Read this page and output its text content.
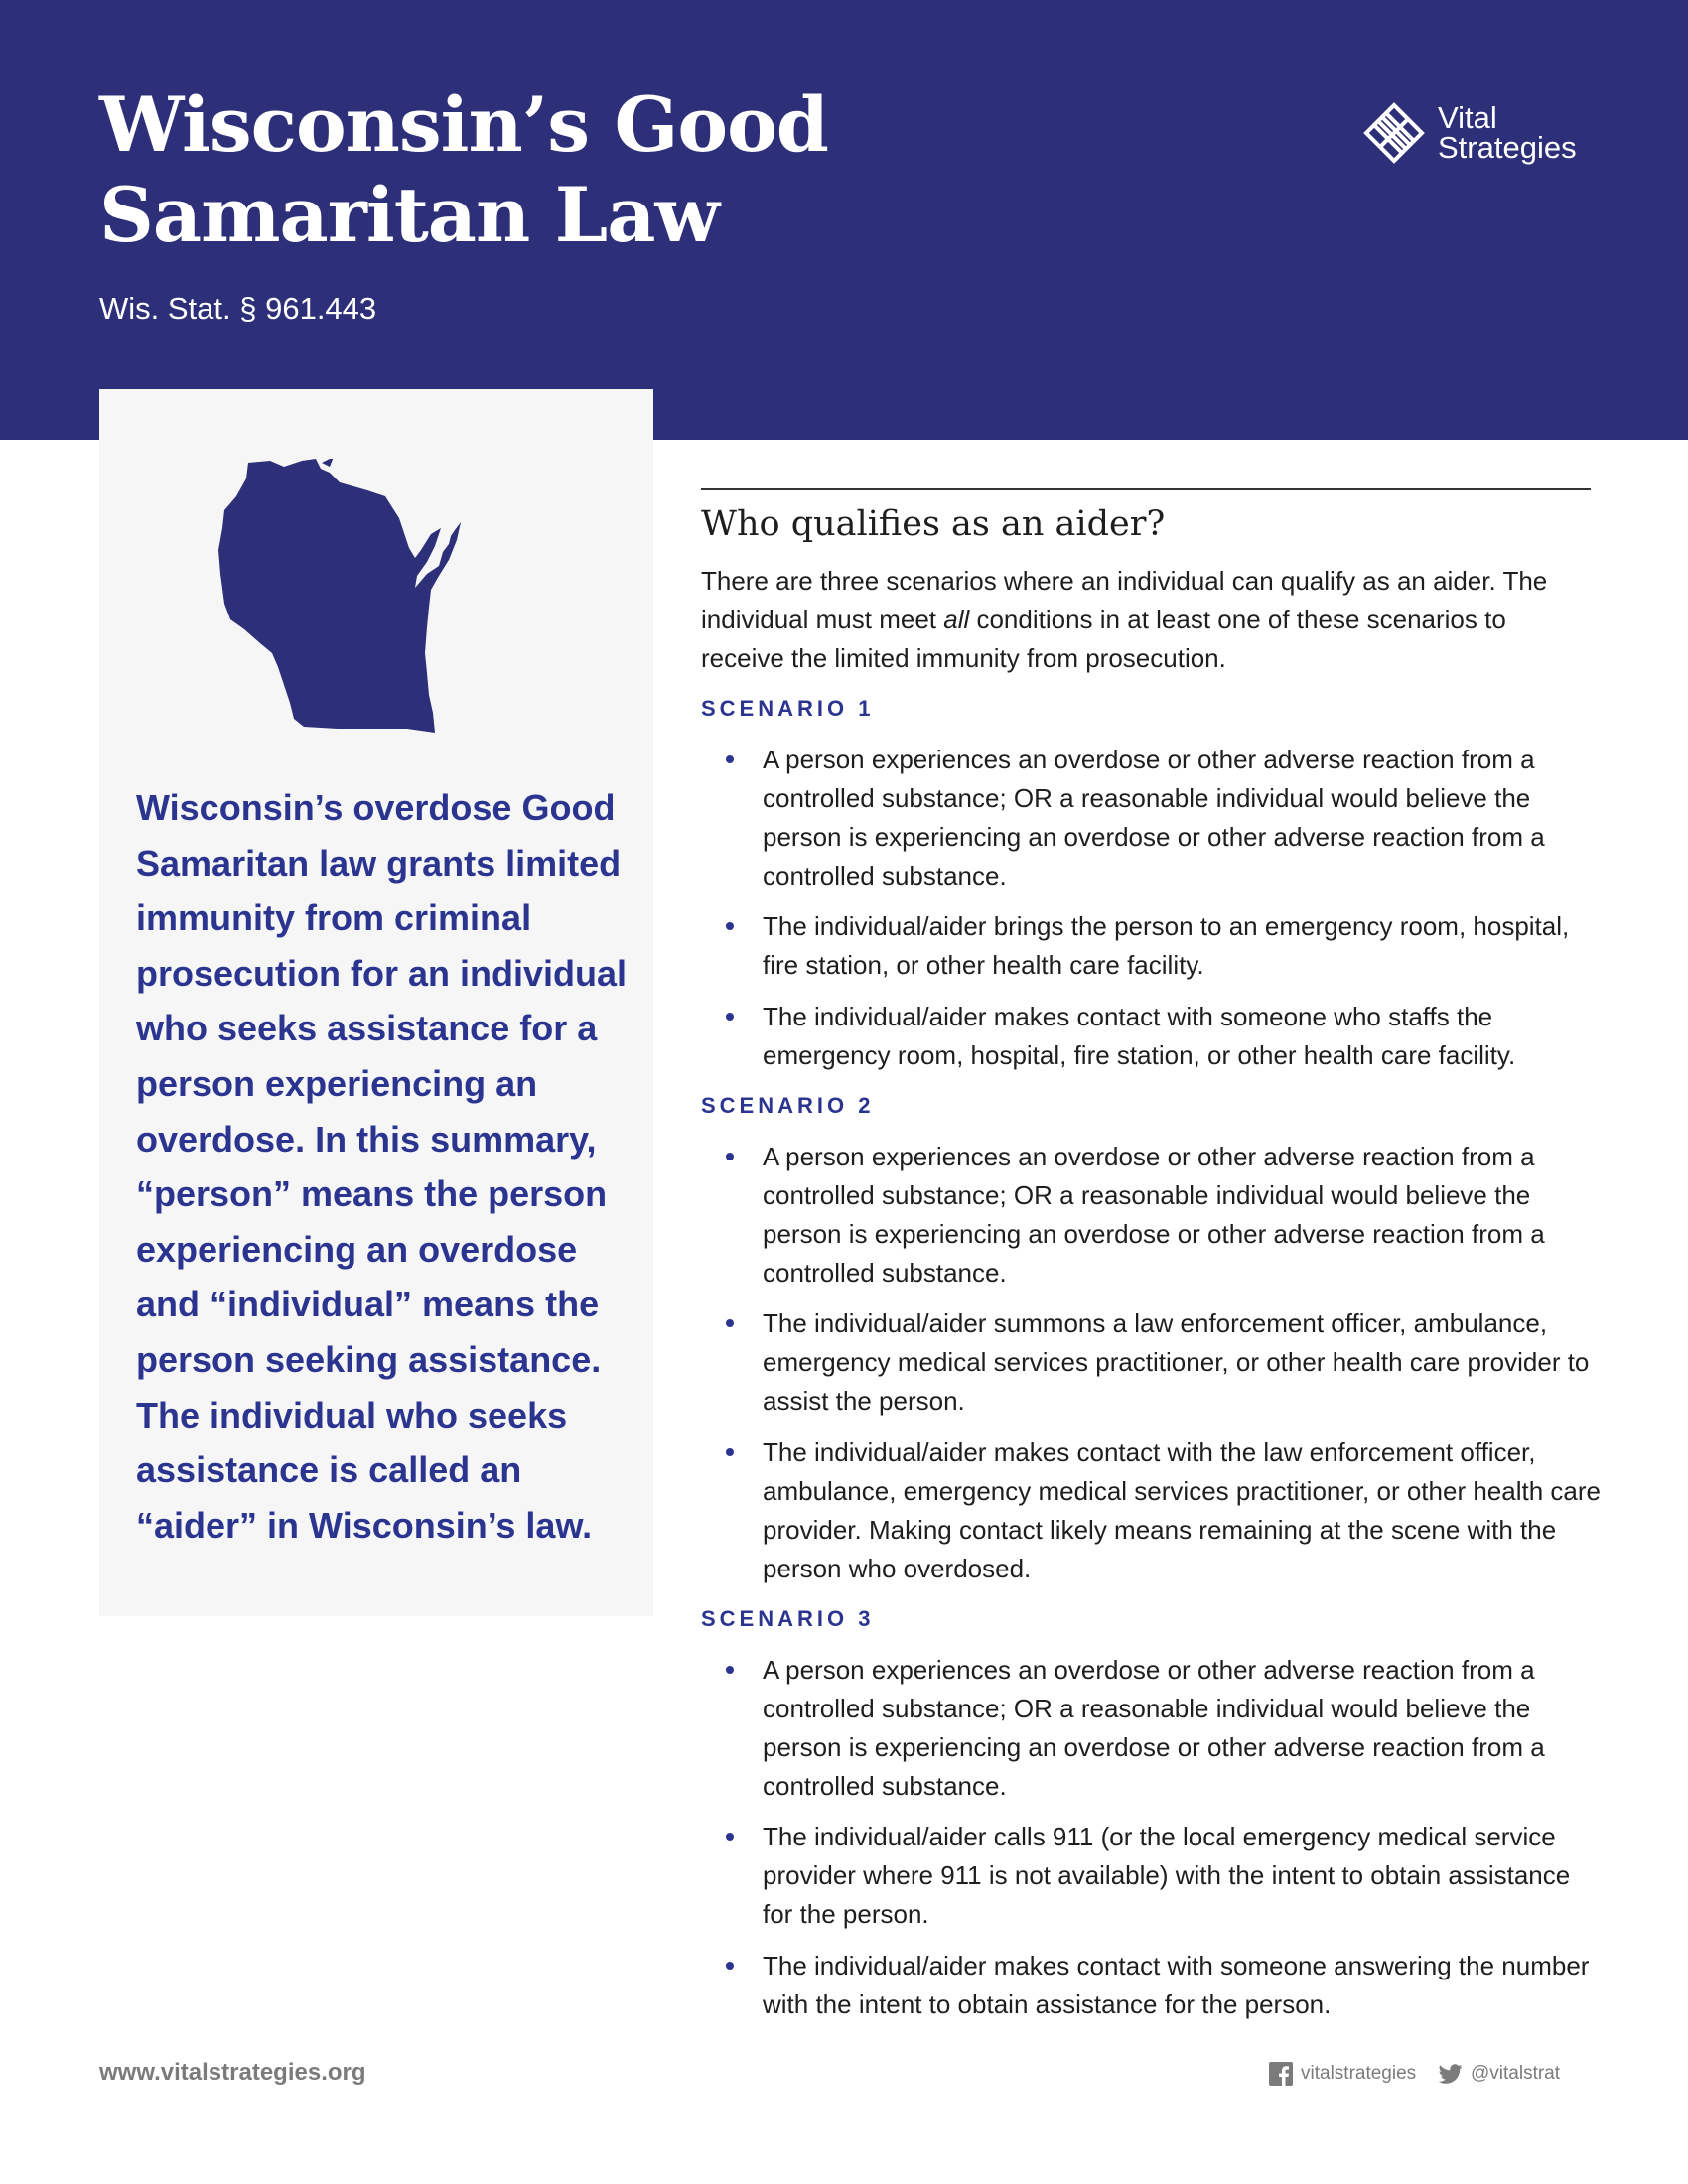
Wisconsin’s Good
Samaritan Law
Wis. Stat. § 961.443
Vital
Strategies

Wisconsin’s overdose Good Samaritan law grants limited immunity from criminal prosecution for an individual who seeks assistance for a person experiencing an overdose. In this summary, “person” means the person experiencing an overdose and “individual” means the person seeking assistance. The individual who seeks assistance is called an “aider” in Wisconsin’s law.

Who qualifies as an aider?

There are three scenarios where an individual can qualify as an aider. The individual must meet all conditions in at least one of these scenarios to receive the limited immunity from prosecution.

SCENARIO 1

A person experiences an overdose or other adverse reaction from a controlled substance; OR a reasonable individual would believe the person is experiencing an overdose or other adverse reaction from a controlled substance.

The individual/aider brings the person to an emergency room, hospital, fire station, or other health care facility.

The individual/aider makes contact with someone who staffs the emergency room, hospital, fire station, or other health care facility.

SCENARIO 2

A person experiences an overdose or other adverse reaction from a controlled substance; OR a reasonable individual would believe the person is experiencing an overdose or other adverse reaction from a controlled substance.

The individual/aider summons a law enforcement officer, ambulance, emergency medical services practitioner, or other health care provider to assist the person.

The individual/aider makes contact with the law enforcement officer, ambulance, emergency medical services practitioner, or other health care provider. Making contact likely means remaining at the scene with the person who overdosed.

SCENARIO 3

A person experiences an overdose or other adverse reaction from a controlled substance; OR a reasonable individual would believe the person is experiencing an overdose or other adverse reaction from a controlled substance.

The individual/aider calls 911 (or the local emergency medical service provider where 911 is not available) with the intent to obtain assistance for the person.

The individual/aider makes contact with someone answering the number with the intent to obtain assistance for the person.

www.vitalstrategies.org	vitalstrategies	@vitalstrat
